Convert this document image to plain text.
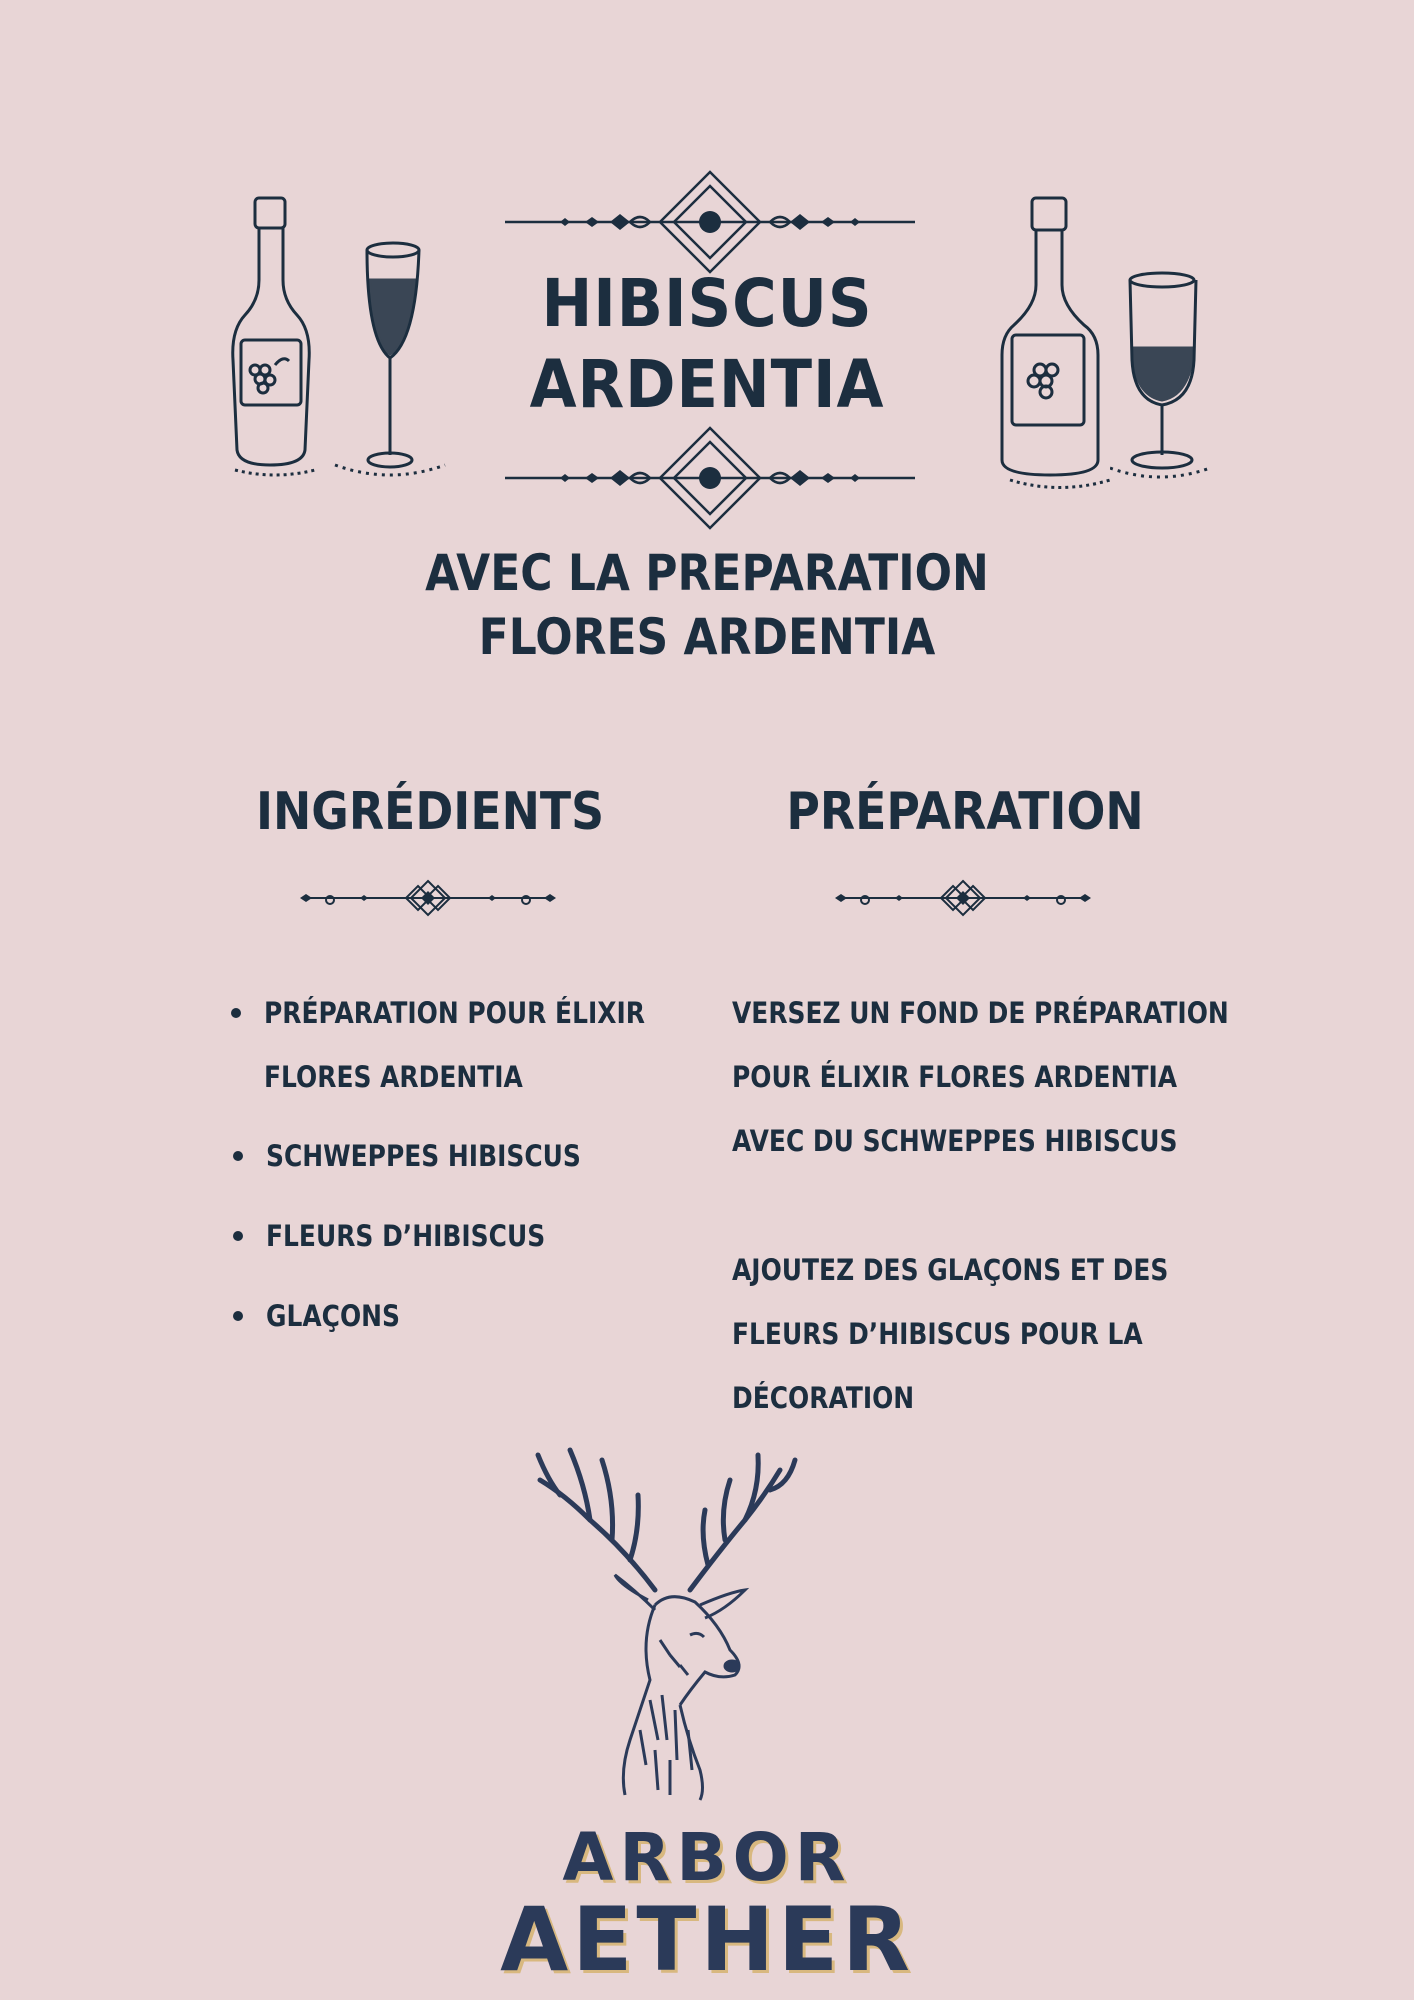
HIBISCUS
ARDENTIA
AVEC LA PREPARATION
FLORES ARDENTIA
INGRÉDIENTS	PRÉPARATION
PRÉPARATION POUR ÉLIXIR
FLORES ARDENTIA
SCHWEPPES HIBISCUS
FLEURS D’HIBISCUS
GLAÇONS
VERSEZ UN FOND DE PRÉPARATION
POUR ÉLIXIR FLORES ARDENTIA
AVEC DU SCHWEPPES HIBISCUS
AJOUTEZ DES GLAÇONS ET DES
FLEURS D’HIBISCUS POUR LA
DÉCORATION
ARBOR
AETHER
